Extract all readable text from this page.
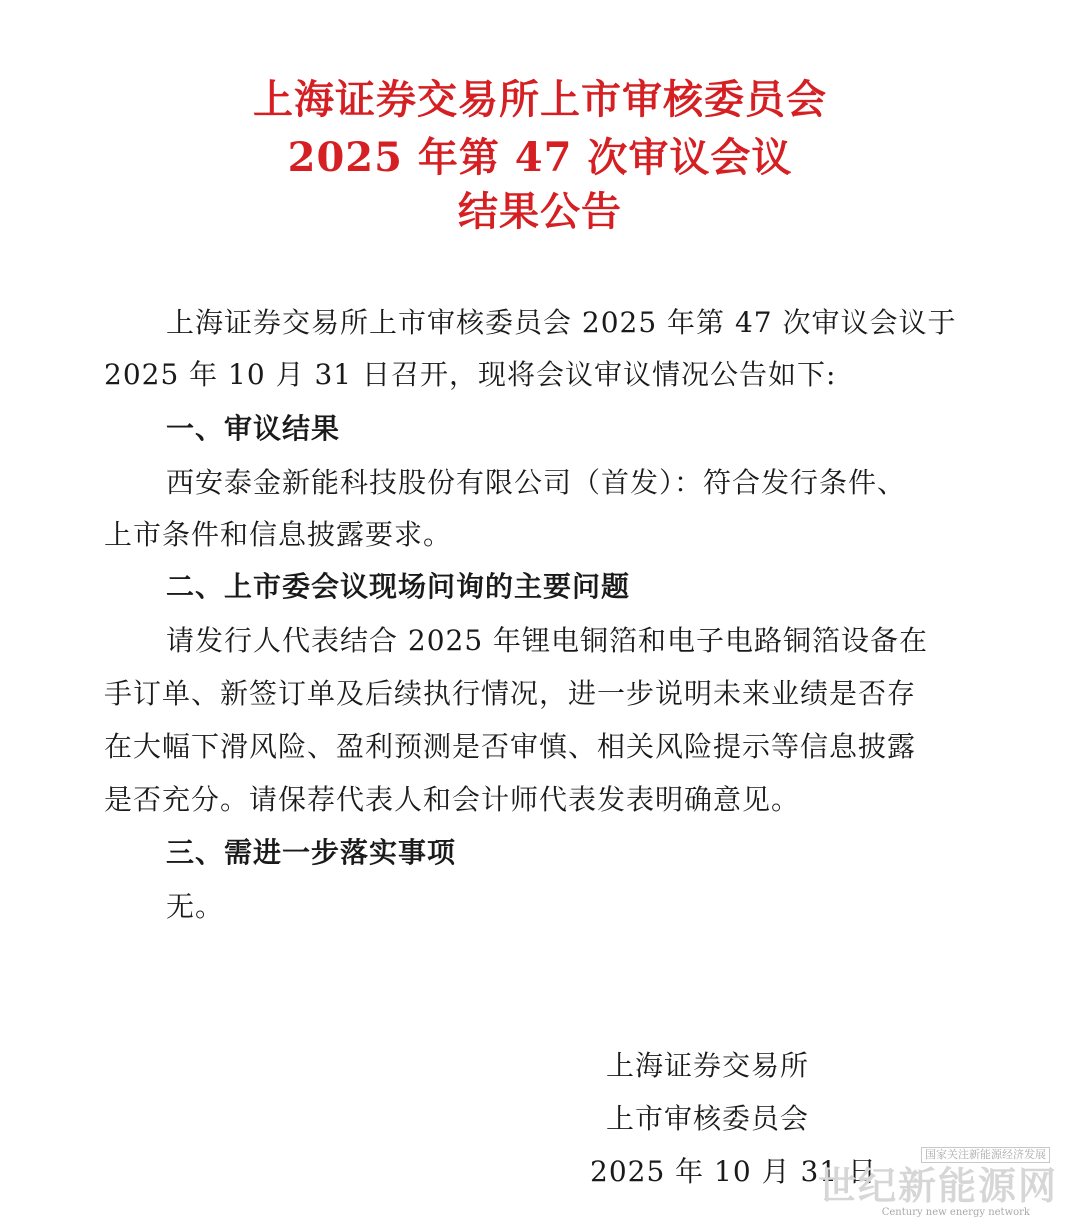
上海证券交易所上市审核委员会
2025 年第 47 次审议会议
结果公告
上海证券交易所上市审核委员会 2025 年第 47 次审议会议于
2025 年 10 月 31 日召开，现将会议审议情况公告如下:
一、审议结果
西安泰金新能科技股份有限公司（首发）：符合发行条件、
上市条件和信息披露要求。
二、上市委会议现场问询的主要问题
请发行人代表结合 2025 年锂电铜箔和电子电路铜箔设备在
手订单、新签订单及后续执行情况，进一步说明未来业绩是否存
在大幅下滑风险、盈利预测是否审慎、相关风险提示等信息披露
是否充分。请保荐代表人和会计师代表发表明确意见。
三、需进一步落实事项
无。
上海证券交易所
上市审核委员会
2025 年 10 月 31 日
国家关注新能源经济发展
世纪新能源网
Century new energy network
